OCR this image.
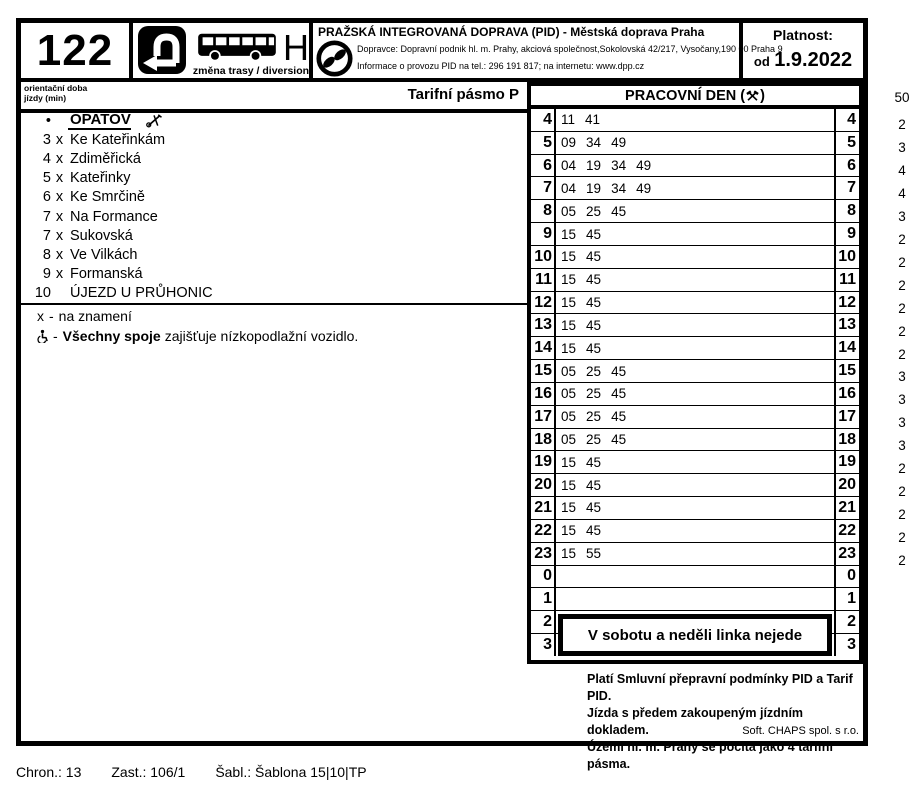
122	H
změna trasy / diversion
PRAŽSKÁ INTEGROVANÁ DOPRAVA (PID) - Městská doprava Praha
Dopravce: Dopravní podnik hl. m. Prahy, akciová společnost,Sokolovská 42/217, Vysočany,190 00 Praha 9
Informace o provozu PID na tel.: 296 191 817; na internetu: www.dpp.cz
Platnost:
od 1.9.2022
orientační doba
jízdy (min)	Tarifní pásmo P
• OPATOV
3 x Ke Kateřinkám
4 x Zdiměřická
5 x Kateřinky
6 x Ke Smrčině
7 x Na Formance
7 x Sukovská
8 x Ve Vilkách
9 x Formanská
10 ÚJEZD U PRŮHONIC
x - na znamení
- Všechny spoje zajišťuje nízkopodlažní vozidlo.
PRACOVNÍ DEN ( )
4 11 41	4
5 09 34 49	5
6 04 19 34 49	6
7 04 19 34 49	7
8 05 25 45	8
9 15 45	9
10 15 45	10
11 15 45	11
12 15 45	12
13 15 45	13
14 15 45	14
15 05 25 45	15
16 05 25 45	16
17 05 25 45	17
18 05 25 45	18
19 15 45	19
20 15 45	20
21 15 45	21
22 15 45	22
23 15 55	23
0	0
1	1
2	2
3	3
V sobotu a neděli linka nejede
Platí Smluvní přepravní podmínky PID a Tarif PID.
Jízda s předem zakoupeným jízdním dokladem.
Území hl. m. Prahy se počítá jako 4 tarifní pásma.
Soft. CHAPS spol. s r.o.
50
2
3
4
4
3
2
2
2
2
2
2
3
3
3
3
2
2
2
2
2
Chron.: 13 Zast.: 106/1 Šabl.: Šablona 15|10|TP
